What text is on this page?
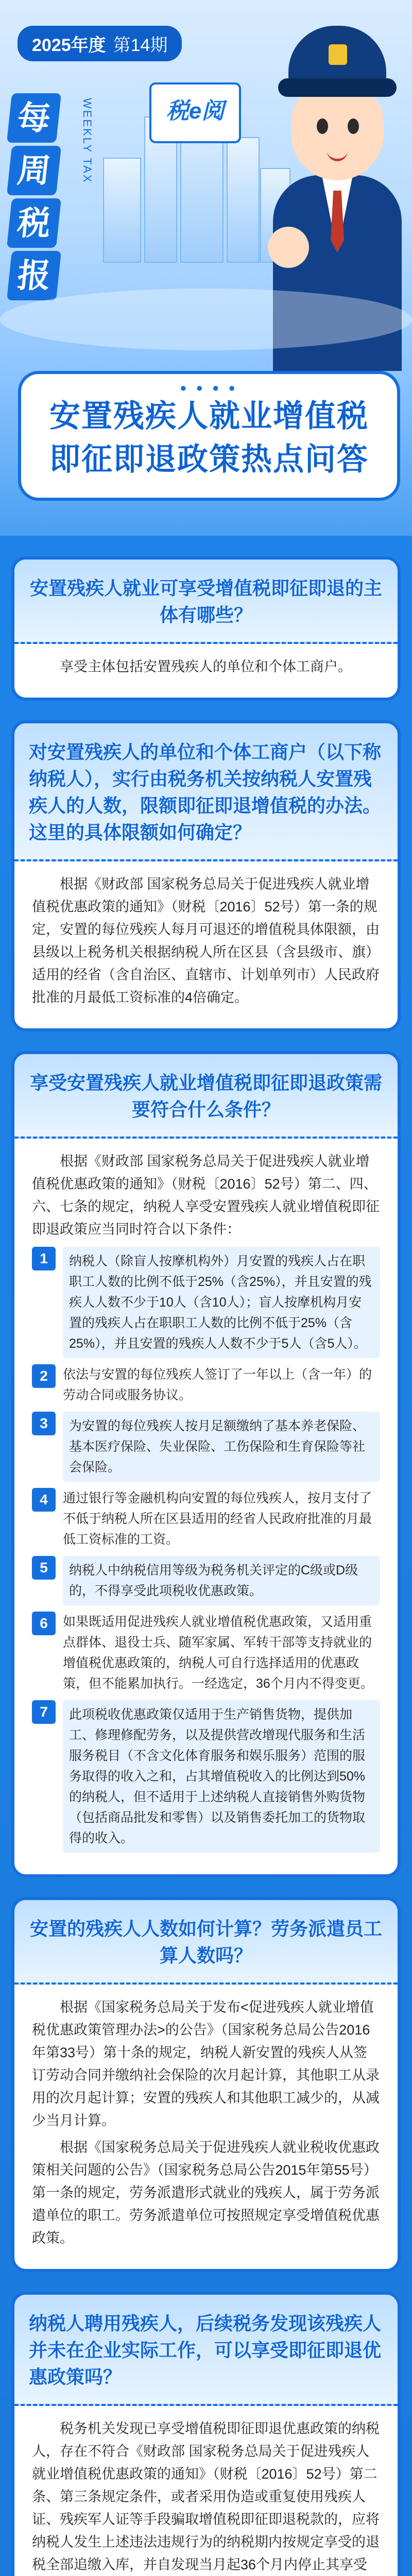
2025年度 第14期
每
周
税
报
WEEKLY TAX	税e阅
● ● ● ●
安置残疾人就业增值税
即征即退政策热点问答
安置残疾人就业可享受增值税即征即退的主体有哪些？

享受主体包括安置残疾人的单位和个体工商户。

对安置残疾人的单位和个体工商户（以下称纳税人），实行由税务机关按纳税人安置残疾人的人数，限额即征即退增值税的办法。这里的具体限额如何确定？

根据《财政部 国家税务总局关于促进残疾人就业增值税优惠政策的通知》（财税〔2016〕52号）第一条的规定，安置的每位残疾人每月可退还的增值税具体限额，由县级以上税务机关根据纳税人所在区县（含县级市、旗）适用的经省（含自治区、直辖市、计划单列市）人民政府批准的月最低工资标准的4倍确定。

享受安置残疾人就业增值税即征即退政策需要符合什么条件？

根据《财政部 国家税务总局关于促进残疾人就业增值税优惠政策的通知》（财税〔2016〕52号）第二、四、六、七条的规定，纳税人享受安置残疾人就业增值税即征即退政策应当同时符合以下条件：

1	纳税人（除盲人按摩机构外）月安置的残疾人占在职职工人数的比例不低于25%（含25%），并且安置的残疾人人数不少于10人（含10人）；盲人按摩机构月安置的残疾人占在职职工人数的比例不低于25%（含25%），并且安置的残疾人人数不少于5人（含5人）。
2	依法与安置的每位残疾人签订了一年以上（含一年）的劳动合同或服务协议。
3	为安置的每位残疾人按月足额缴纳了基本养老保险、基本医疗保险、失业保险、工伤保险和生育保险等社会保险。
4	通过银行等金融机构向安置的每位残疾人，按月支付了不低于纳税人所在区县适用的经省人民政府批准的月最低工资标准的工资。
5	纳税人中纳税信用等级为税务机关评定的C级或D级的，不得享受此项税收优惠政策。
6	如果既适用促进残疾人就业增值税优惠政策，又适用重点群体、退役士兵、随军家属、军转干部等支持就业的增值税优惠政策的，纳税人可自行选择适用的优惠政策，但不能累加执行。一经选定，36个月内不得变更。
7	此项税收优惠政策仅适用于生产销售货物，提供加工、修理修配劳务，以及提供营改增现代服务和生活服务税目（不含文化体育服务和娱乐服务）范围的服务取得的收入之和，占其增值税收入的比例达到50%的纳税人，但不适用于上述纳税人直接销售外购货物（包括商品批发和零售）以及销售委托加工的货物取得的收入。
安置的残疾人人数如何计算？劳务派遣员工算人数吗？

根据《国家税务总局关于发布<促进残疾人就业增值税优惠政策管理办法>的公告》（国家税务总局公告2016年第33号）第十条的规定，纳税人新安置的残疾人从签订劳动合同并缴纳社会保险的次月起计算，其他职工从录用的次月起计算；安置的残疾人和其他职工减少的，从减少当月计算。

根据《国家税务总局关于促进残疾人就业税收优惠政策相关问题的公告》（国家税务总局公告2015年第55号）第一条的规定，劳务派遣形式就业的残疾人，属于劳务派遣单位的职工。劳务派遣单位可按照规定享受增值税优惠政策。

纳税人聘用残疾人，后续税务发现该残疾人并未在企业实际工作，可以享受即征即退优惠政策吗？

税务机关发现已享受增值税即征即退优惠政策的纳税人，存在不符合《财政部 国家税务总局关于促进残疾人就业增值税优惠政策的通知》（财税〔2016〕52号）第二条、第三条规定条件，或者采用伪造或重复使用残疾人证、残疾军人证等手段骗取增值税即征即退税款的，应将纳税人发生上述违法违规行为的纳税期内按规定享受的退税全部追缴入库，并自发现当月起36个月内停止其享受
